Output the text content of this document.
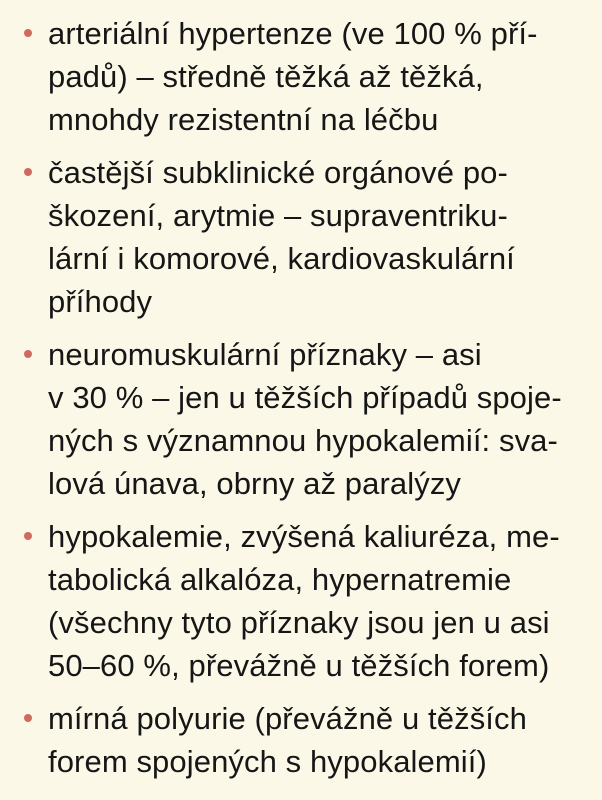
arteriální hypertenze (ve 100 % pří-
padů) – středně těžká až těžká,
mnohdy rezistentní na léčbu
častější subklinické orgánové po-
škození, arytmie – supraventriku-
lární i komorové, kardiovaskulární
příhody
neuromuskulární příznaky – asi
v 30 % – jen u těžších případů spoje-
ných s významnou hypokalemií: sva-
lová únava, obrny až paralýzy
hypokalemie, zvýšená kaliuréza, me-
tabolická alkalóza, hypernatremie
(všechny tyto příznaky jsou jen u asi
50–60 %, převážně u těžších forem)
mírná polyurie (převážně u těžších
forem spojených s hypokalemií)
